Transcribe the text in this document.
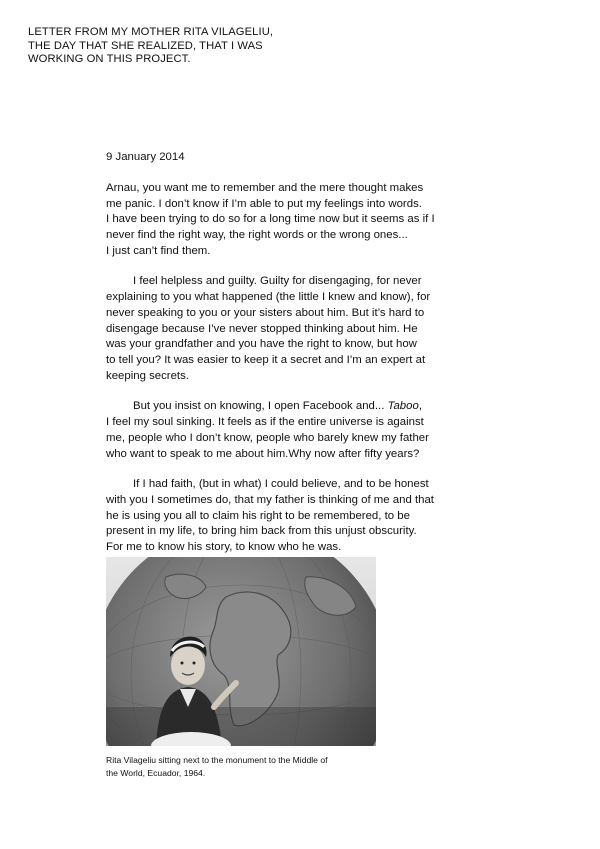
LETTER FROM MY MOTHER RITA VILAGELIU,
THE DAY THAT SHE REALIZED, THAT I WAS
WORKING ON THIS PROJECT.
9 January 2014

Arnau, you want me to remember and the mere thought makes
me panic. I don’t know if I’m able to put my feelings into words.
I have been trying to do so for a long time now but it seems as if I
never find the right way, the right words or the wrong ones...
I just can’t find them.

I feel helpless and guilty. Guilty for disengaging, for never
explaining to you what happened (the little I knew and know), for
never speaking to you or your sisters about him. But it’s hard to
disengage because I’ve never stopped thinking about him. He
was your grandfather and you have the right to know, but how
to tell you? It was easier to keep it a secret and I’m an expert at
keeping secrets.

But you insist on knowing, I open Facebook and... Taboo,
I feel my soul sinking. It feels as if the entire universe is against
me, people who I don’t know, people who barely knew my father
who want to speak to me about him.Why now after fifty years?

If I had faith, (but in what) I could believe, and to be honest
with you I sometimes do, that my father is thinking of me and that
he is using you all to claim his right to be remembered, to be
present in my life, to bring him back from this unjust obscurity.
For me to know his story, to know who he was.

Rita Vilageliu sitting next to the monument to the Middle of
the World, Ecuador, 1964.
